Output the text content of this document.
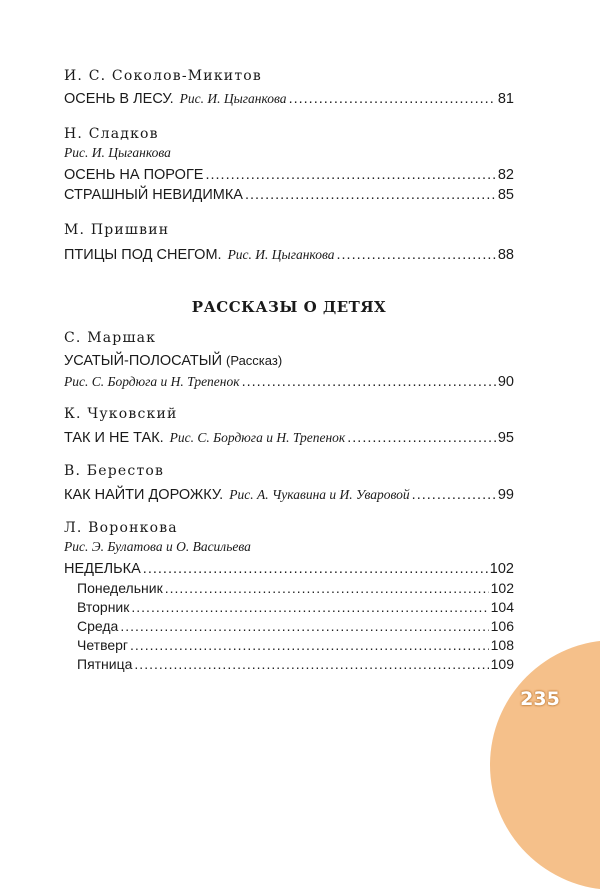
И. С. Соколов-Микитов
ОСЕНЬ В ЛЕСУ. Рис. И. Цыганкова .....	81
Н. Сладков
Рис. И. Цыганкова
ОСЕНЬ НА ПОРОГЕ .....	82
СТРАШНЫЙ НЕВИДИМКА .....	85
М. Пришвин
ПТИЦЫ ПОД СНЕГОМ. Рис. И. Цыганкова .....	88
РАССКАЗЫ О ДЕТЯХ
С. Маршак
УСАТЫЙ-ПОЛОСАТЫЙ (Рассказ)
Рис. С. Бордюга и Н. Трепенок .....	90
К. Чуковский
ТАК И НЕ ТАК. Рис. С. Бордюга и Н. Трепенок .....	95
В. Берестов
КАК НАЙТИ ДОРОЖКУ. Рис. А. Чукавина и И. Уваровой .....	99
Л. Воронкова
Рис. Э. Булатова и О. Васильева
НЕДЕЛЬКА .....	102
Понедельник .....	102
Вторник .....	104
Среда .....	106
Четверг .....	108
Пятница .....	109
235
